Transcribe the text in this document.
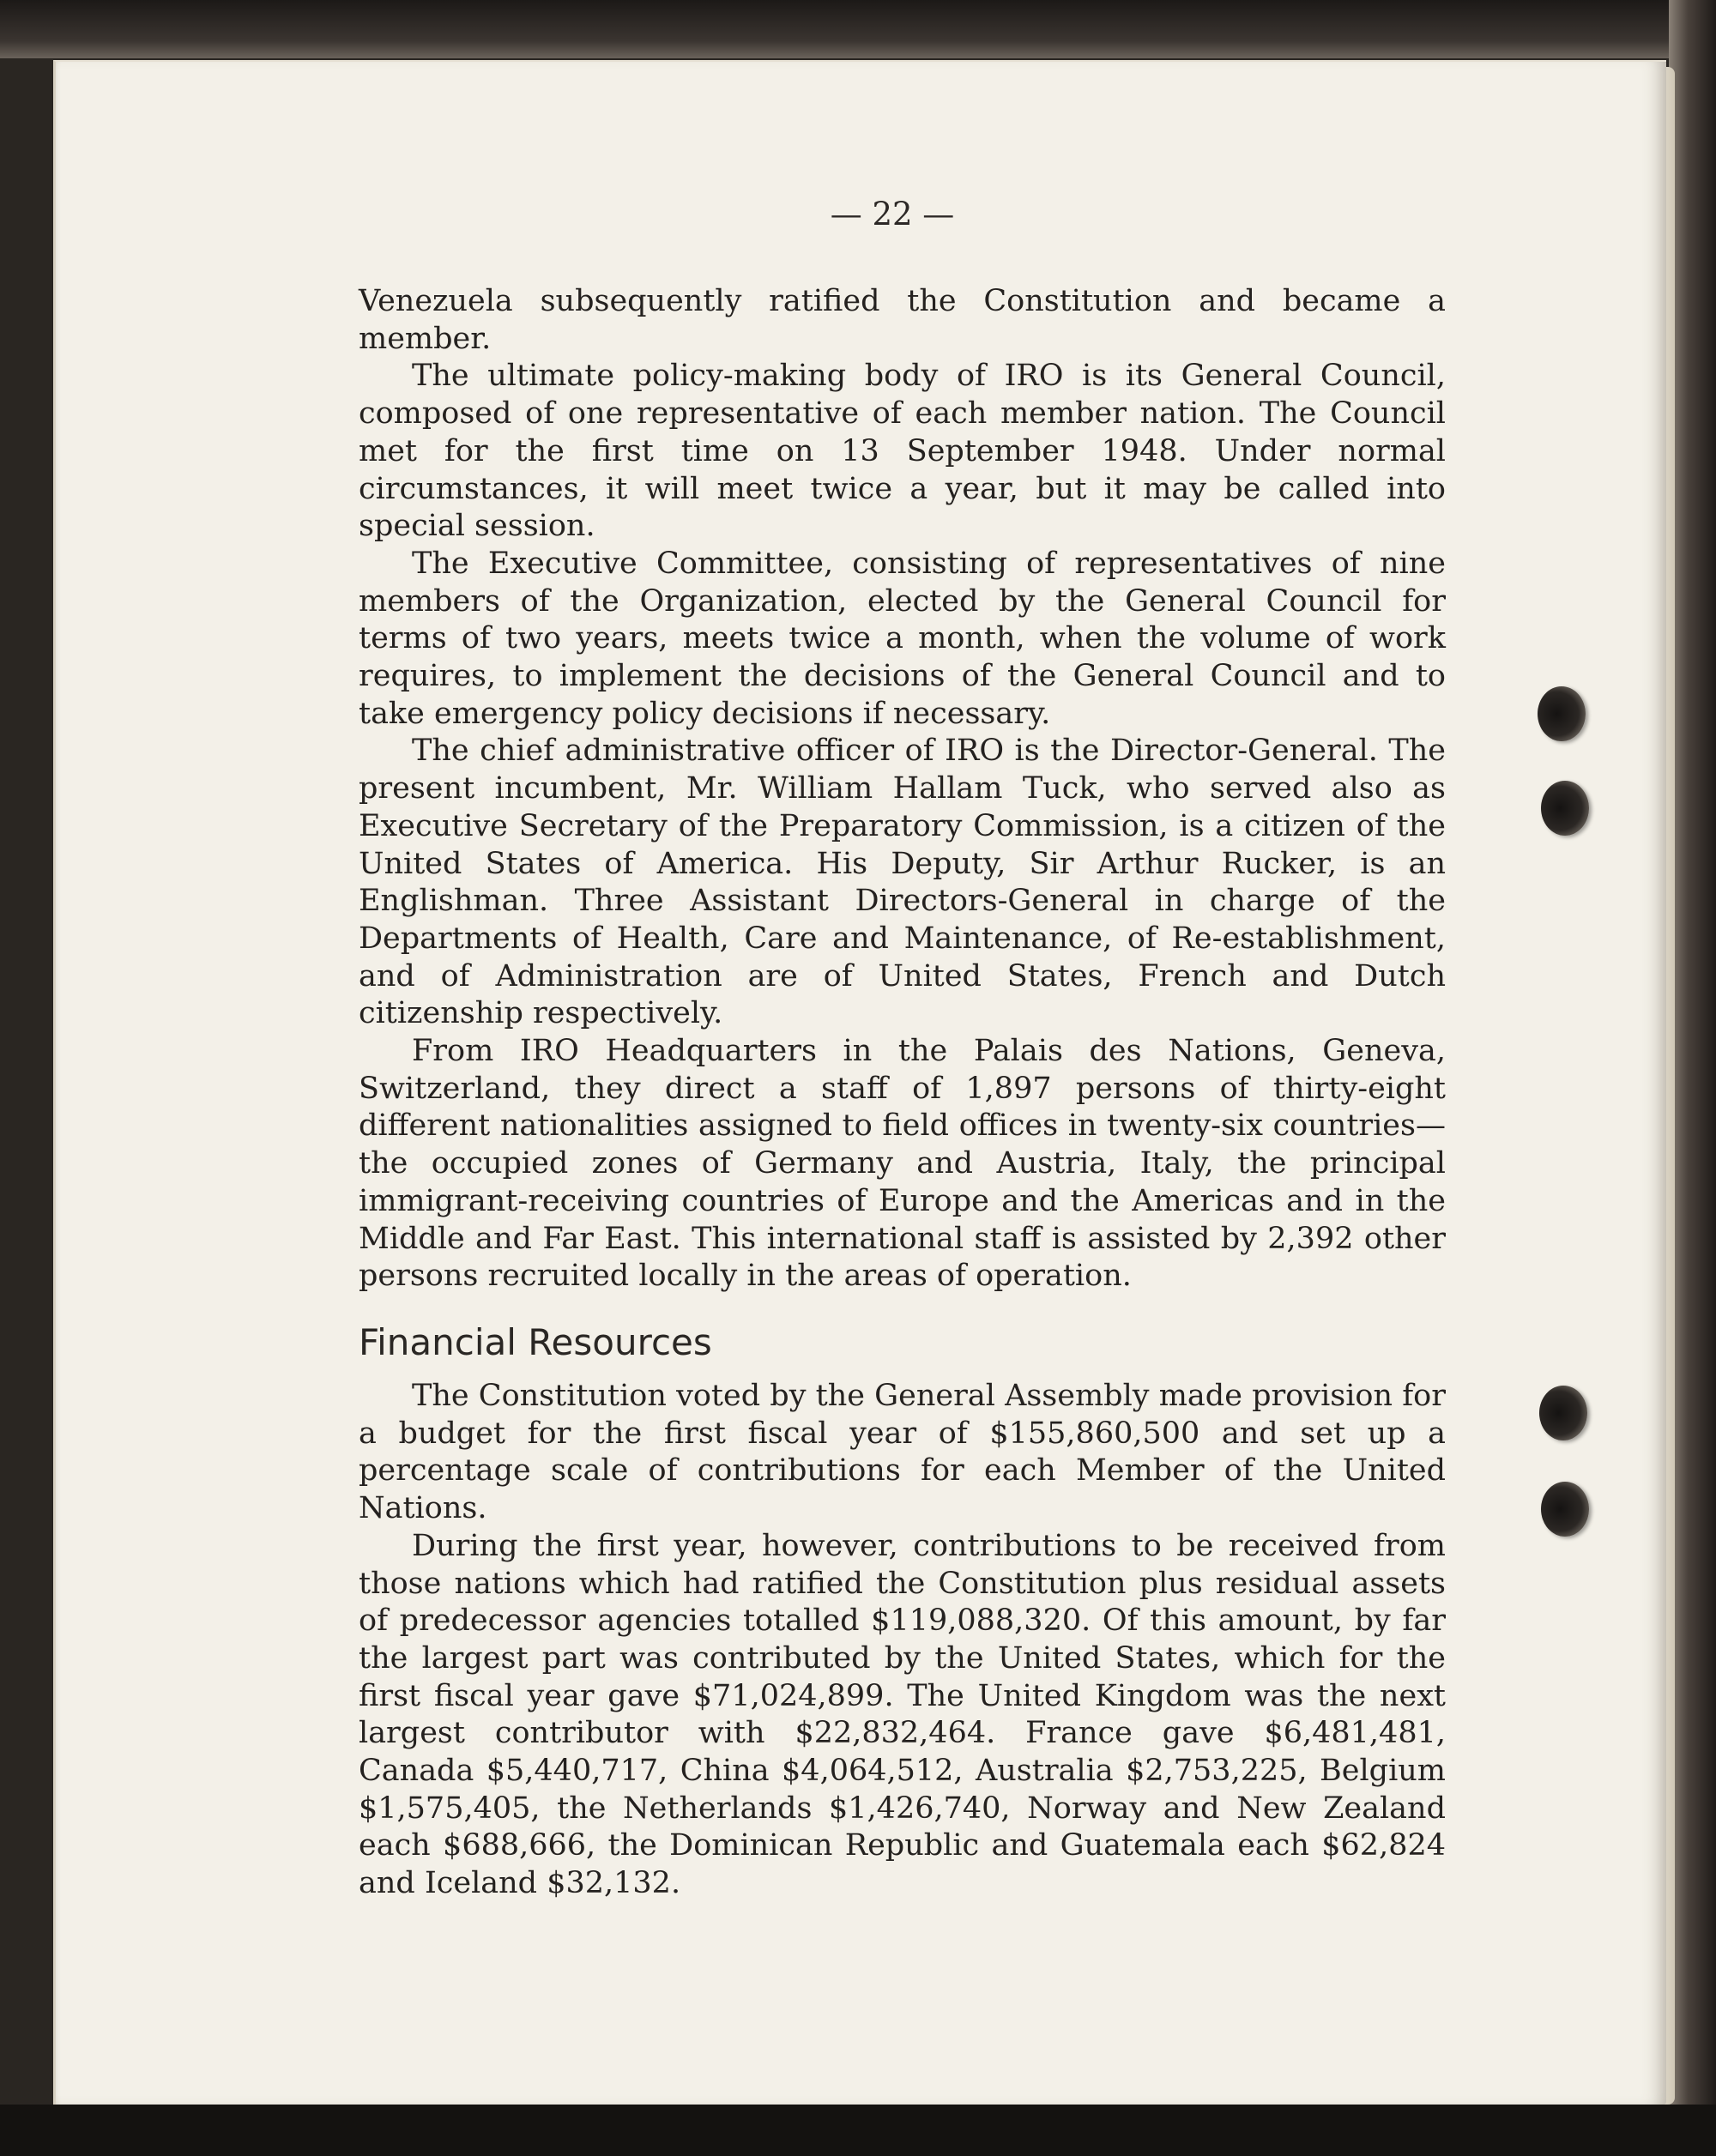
— 22 —

Venezuela subsequently ratified the Constitution and became a member.

The ultimate policy-making body of IRO is its General Council, composed of one representative of each member nation. The Council met for the first time on 13 September 1948. Under normal circumstances, it will meet twice a year, but it may be called into special session.

The Executive Committee, consisting of representatives of nine members of the Organization, elected by the General Council for terms of two years, meets twice a month, when the volume of work requires, to implement the decisions of the General Council and to take emergency policy decisions if necessary.

The chief administrative officer of IRO is the Director-General. The present incumbent, Mr. William Hallam Tuck, who served also as Executive Secretary of the Preparatory Commission, is a citizen of the United States of America. His Deputy, Sir Arthur Rucker, is an Englishman. Three Assistant Directors-General in charge of the Departments of Health, Care and Maintenance, of Re-establishment, and of Administration are of United States, French and Dutch citizenship respectively.

From IRO Headquarters in the Palais des Nations, Geneva, Switzerland, they direct a staff of 1,897 persons of thirty-eight different nationalities assigned to field offices in twenty-six countries—the occupied zones of Germany and Austria, Italy, the principal immigrant-receiving countries of Europe and the Americas and in the Middle and Far East. This international staff is assisted by 2,392 other persons recruited locally in the areas of operation.

Financial Resources

The Constitution voted by the General Assembly made provision for a budget for the first fiscal year of $155,860,500 and set up a percentage scale of contributions for each Member of the United Nations.

During the first year, however, contributions to be received from those nations which had ratified the Constitution plus residual assets of predecessor agencies totalled $119,088,320. Of this amount, by far the largest part was contributed by the United States, which for the first fiscal year gave $71,024,899. The United Kingdom was the next largest contributor with $22,832,464. France gave $6,481,481, Canada $5,440,717, China $4,064,512, Australia $2,753,225, Belgium $1,575,405, the Netherlands $1,426,740, Norway and New Zealand each $688,666, the Dominican Republic and Guatemala each $62,824 and Iceland $32,132.
